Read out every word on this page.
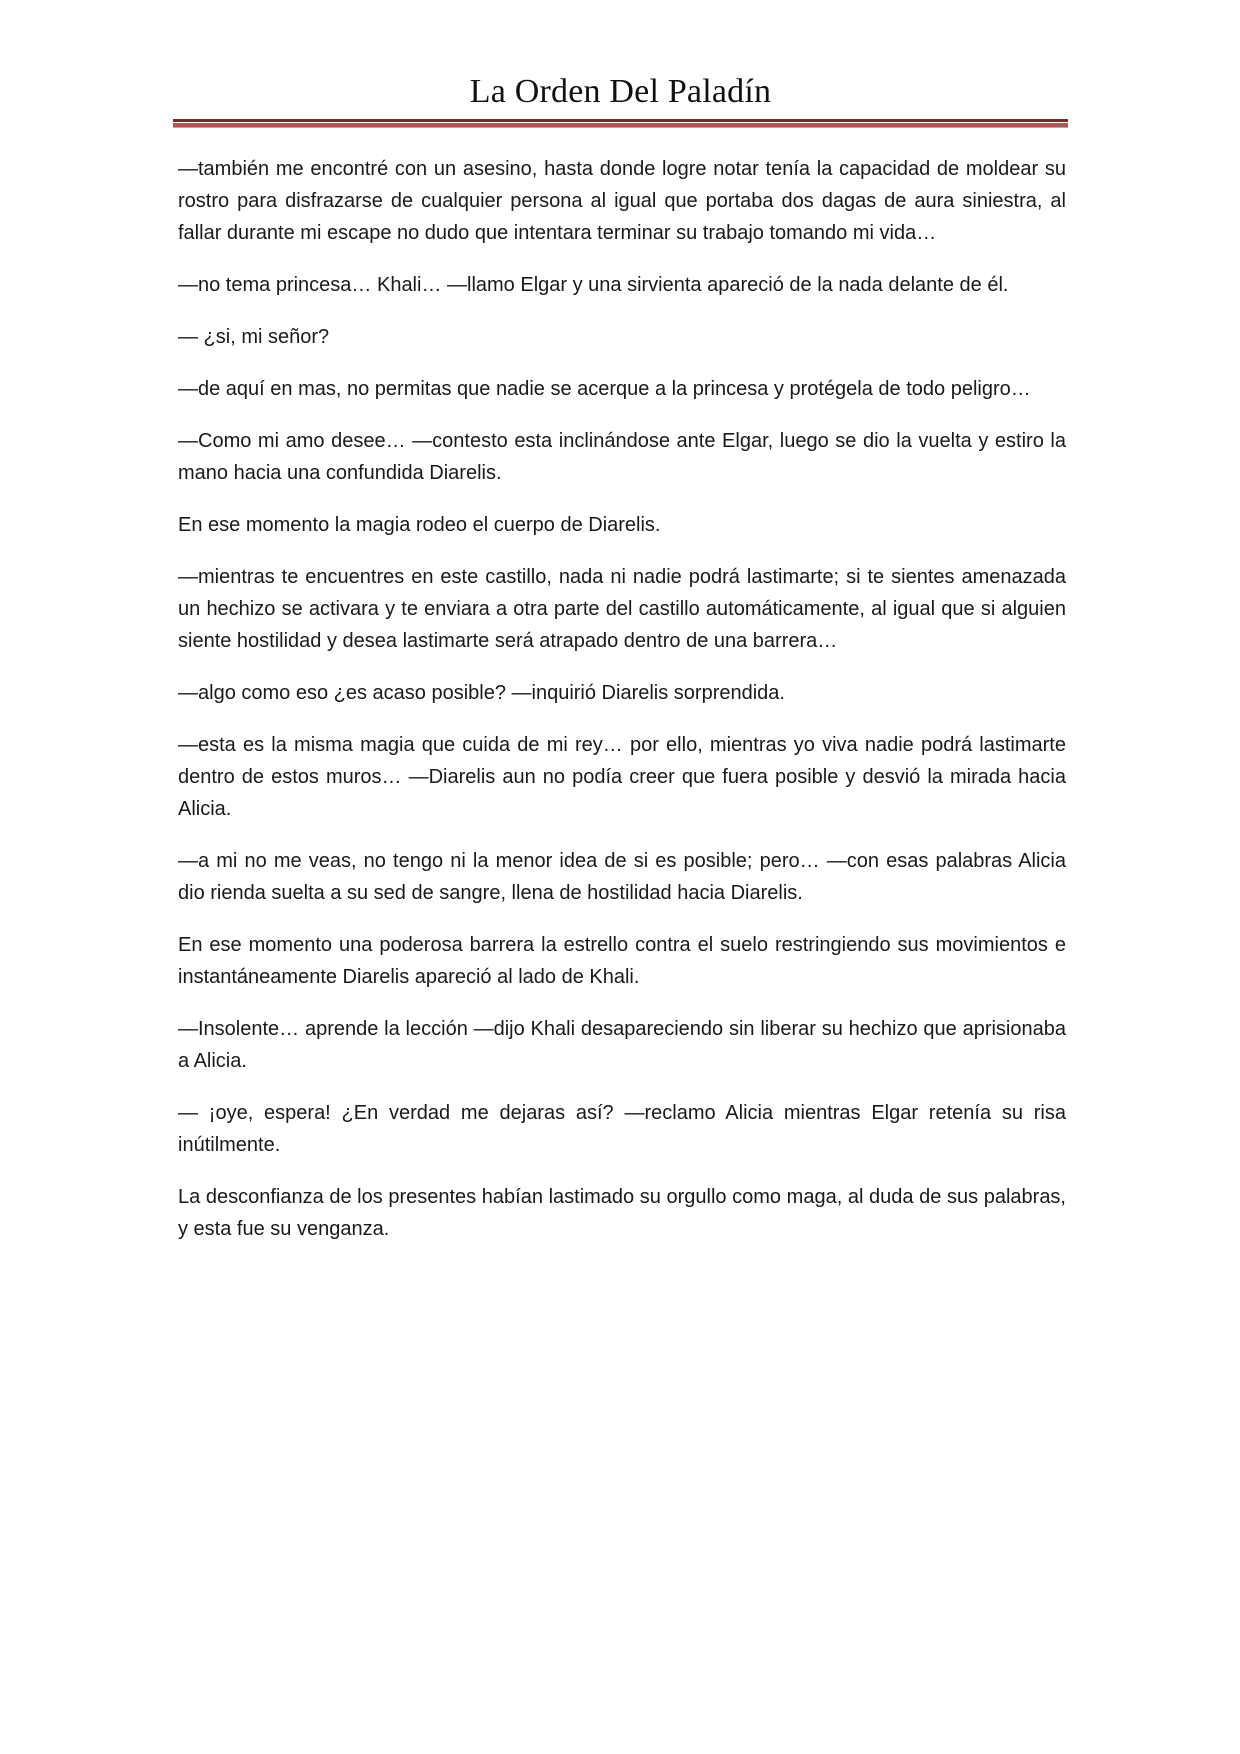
La Orden Del Paladín

—también me encontré con un asesino, hasta donde logre notar tenía la capacidad de moldear su rostro para disfrazarse de cualquier persona al igual que portaba dos dagas de aura siniestra, al fallar durante mi escape no dudo que intentara terminar su trabajo tomando mi vida…

—no tema princesa… Khali… —llamo Elgar y una sirvienta apareció de la nada delante de él.

— ¿si, mi señor?

—de aquí en mas, no permitas que nadie se acerque a la princesa y protégela de todo peligro…

—Como mi amo desee… —contesto esta inclinándose ante Elgar, luego se dio la vuelta y estiro la mano hacia una confundida Diarelis.

En ese momento la magia rodeo el cuerpo de Diarelis.

—mientras te encuentres en este castillo, nada ni nadie podrá lastimarte; si te sientes amenazada un hechizo se activara y te enviara a otra parte del castillo automáticamente, al igual que si alguien siente hostilidad y desea lastimarte será atrapado dentro de una barrera…

—algo como eso ¿es acaso posible? —inquirió Diarelis sorprendida.

—esta es la misma magia que cuida de mi rey… por ello, mientras yo viva nadie podrá lastimarte dentro de estos muros… —Diarelis aun no podía creer que fuera posible y desvió la mirada hacia Alicia.

—a mi no me veas, no tengo ni la menor idea de si es posible; pero… —con esas palabras Alicia dio rienda suelta a su sed de sangre, llena de hostilidad hacia Diarelis.

En ese momento una poderosa barrera la estrello contra el suelo restringiendo sus movimientos e instantáneamente Diarelis apareció al lado de Khali.

—Insolente… aprende la lección —dijo Khali desapareciendo sin liberar su hechizo que aprisionaba a Alicia.

— ¡oye, espera! ¿En verdad me dejaras así? —reclamo Alicia mientras Elgar retenía su risa inútilmente.

La desconfianza de los presentes habían lastimado su orgullo como maga, al duda de sus palabras, y esta fue su venganza.
